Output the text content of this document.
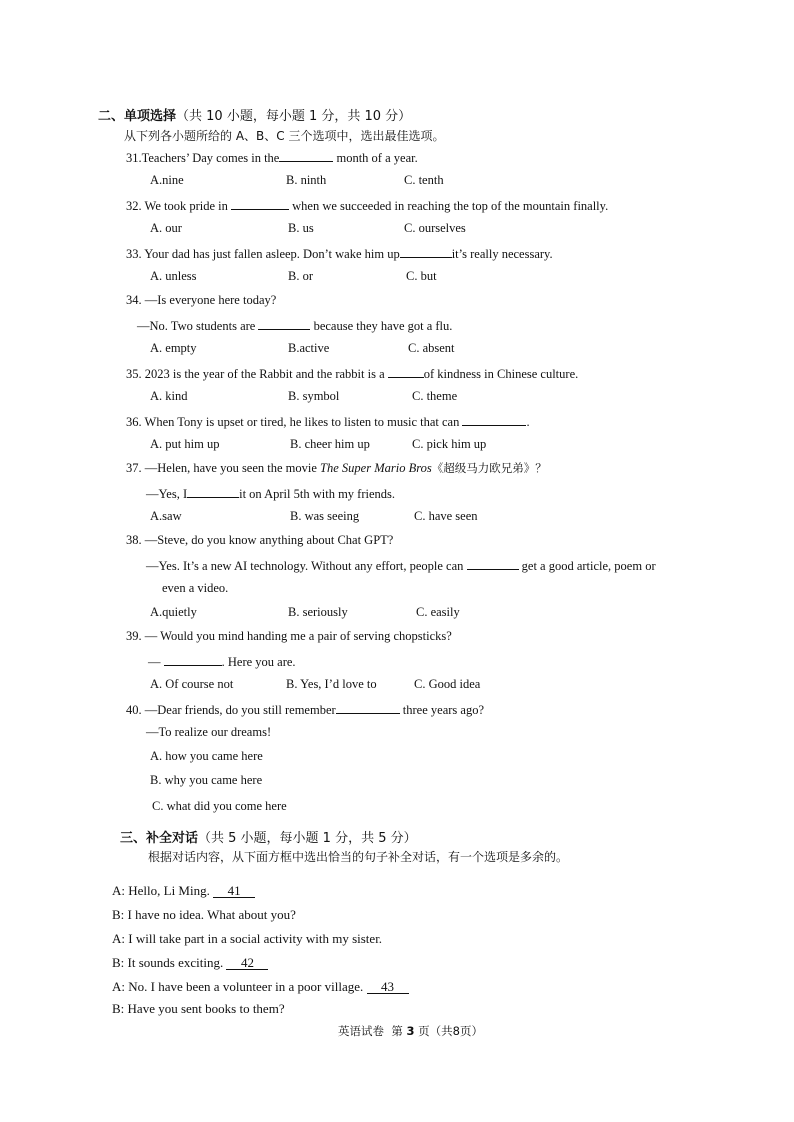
二、单项选择（共 10 小题，每小题 1 分，共 10 分）
从下列各小题所给的 A、B、C 三个选项中，选出最佳选项。
31.Teachers’ Day comes in the	month of a year.
A.nine	B. ninth	C. tenth
32. We took pride in	when we succeeded in reaching the top of the mountain finally.
A. our	B. us	C. ourselves
33. Your dad has just fallen asleep. Don’t wake him up	it’s really necessary.
A. unless	B. or	C. but
34. —Is everyone here today?
—No. Two students are	because they have got a flu.
A. empty	B.active	C. absent
35. 2023 is the year of the Rabbit and the rabbit is a	of kindness in Chinese culture.
A. kind	B. symbol	C. theme
36. When Tony is upset or tired, he likes to listen to music that can	.
A. put him up	B. cheer him up	C. pick him up
37. —Helen, have you seen the movie The Super Mario Bros《超级马力欧兄弟》？
—Yes, I	it on April 5th with my friends.
A.saw	B. was seeing	C. have seen
38. —Steve, do you know anything about Chat GPT?
—Yes. It’s a new AI technology. Without any effort, people can	get a good article, poem or
even a video.
A.quietly	B. seriously	C. easily
39. — Would you mind handing me a pair of serving chopsticks?
—	. Here you are.
A. Of course not	B. Yes, I’d love to	C. Good idea
40. —Dear friends, do you still remember	three years ago?
—To realize our dreams!
A. how you came here
B. why you came here
C. what did you come here
三、补全对话（共 5 小题，每小题 1 分，共 5 分）
根据对话内容，从下面方框中选出恰当的句子补全对话，有一个选项是多余的。
A: Hello, Li Ming. 41
B: I have no idea. What about you?
A: I will take part in a social activity with my sister.
B: It sounds exciting. 42
A: No. I have been a volunteer in a poor village. 43
B: Have you sent books to them?
英语试卷 第 3 页（共8页）
